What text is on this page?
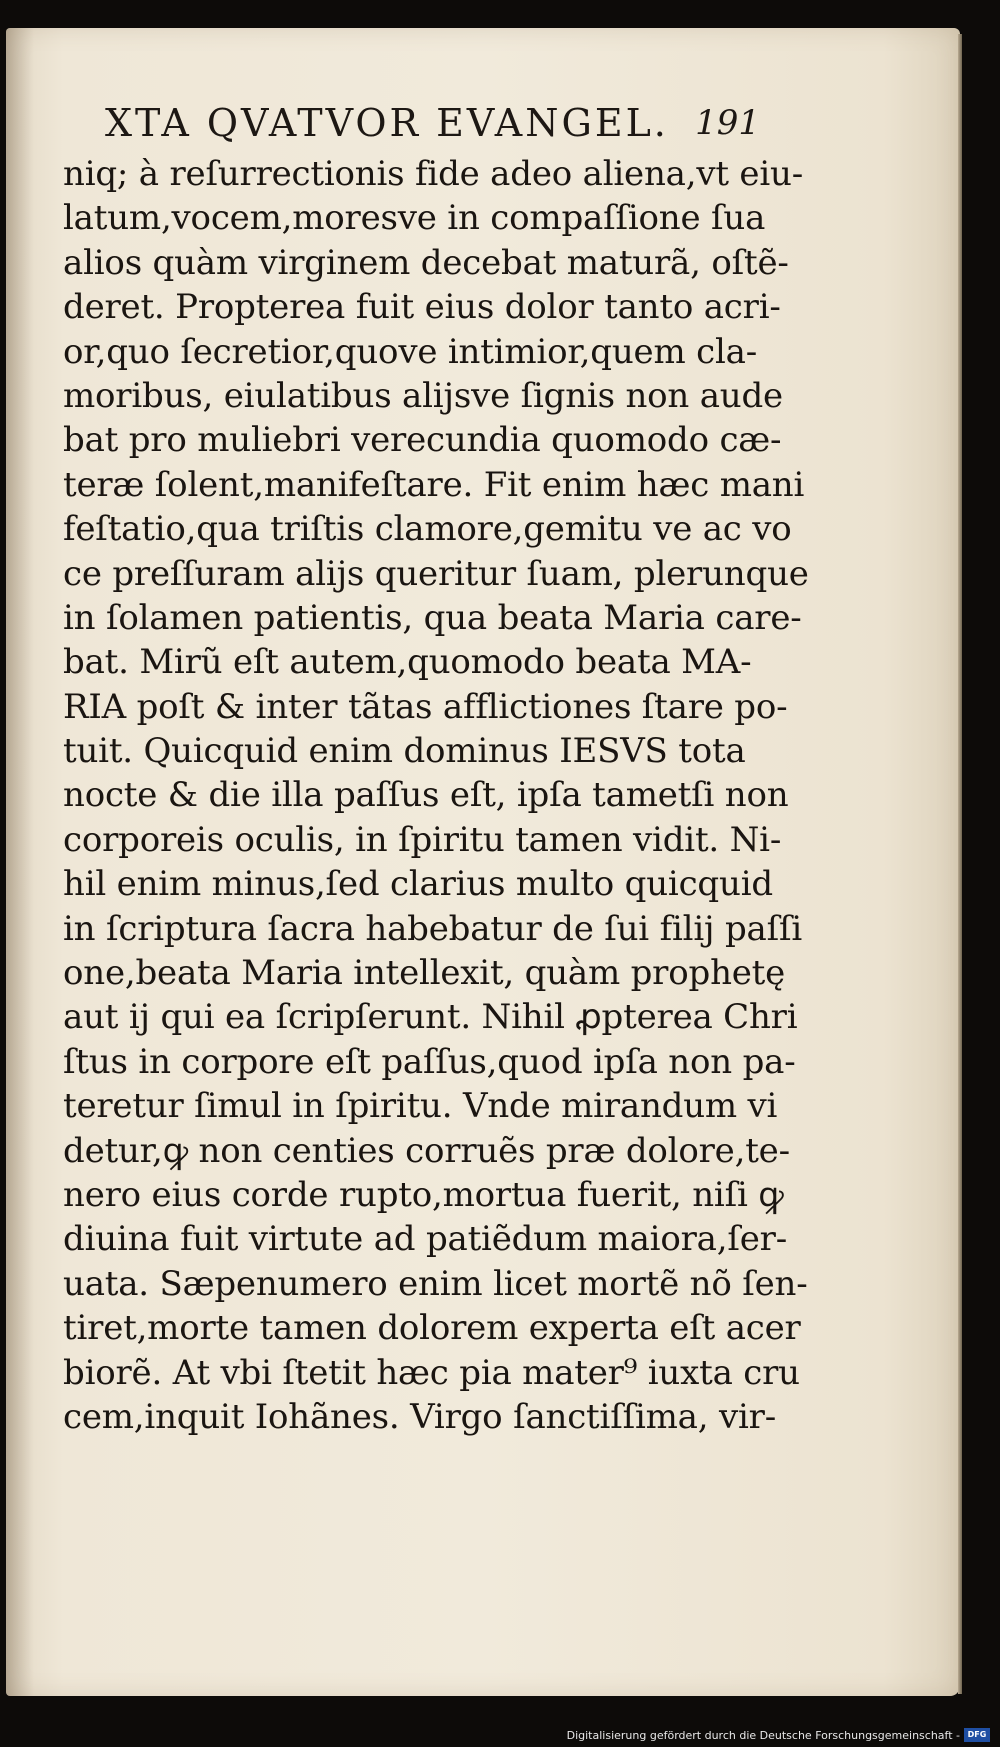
XTA QVATVOR EVANGEL. 191
niq; à reſurrectionis fide adeo aliena,vt eiu-
latum,vocem,moresve in compaſſione ſua
alios quàm virginem decebat maturã, oſtẽ-
deret. Propterea fuit eius dolor tanto acri-
or,quo ſecretior,quove intimior,quem cla-
moribus, eiulatibus alijsve ſignis non aude
bat pro muliebri verecundia quomodo cæ-
teræ ſolent,manifeſtare. Fit enim hæc mani
feſtatio,qua triſtis clamore,gemitu ve ac vo
ce preſſuram alijs queritur ſuam, plerunque
in ſolamen patientis, qua beata Maria care-
bat. Mirũ eſt autem,quomodo beata MA-
RIA poſt & inter tãtas afflictiones ſtare po-
tuit. Quicquid enim dominus IESVS tota
nocte & die illa paſſus eſt, ipſa tametſi non
corporeis oculis, in ſpiritu tamen vidit. Ni-
hil enim minus,ſed clarius multo quicquid
in ſcriptura ſacra habebatur de ſui filij paſſi
one,beata Maria intellexit, quàm prophetę
aut ij qui ea ſcripſerunt. Nihil ꝓpterea Chri
ſtus in corpore eſt paſſus,quod ipſa non pa-
teretur ſimul in ſpiritu. Vnde mirandum vi
detur,ꝙ non centies corruẽs præ dolore,te-
nero eius corde rupto,mortua fuerit, niſi ꝙ
diuina fuit virtute ad patiẽdum maiora,ſer-
uata. Sæpenumero enim licet mortẽ nõ ſen-
tiret,morte tamen dolorem experta eſt acer
biorẽ. At vbi ſtetit hæc pia mater⁹ iuxta cru
cem,inquit Iohãnes. Virgo ſanctiſſima, vir-
Digitalisierung gefördert durch die Deutsche Forschungsgemeinschaft - DFG
